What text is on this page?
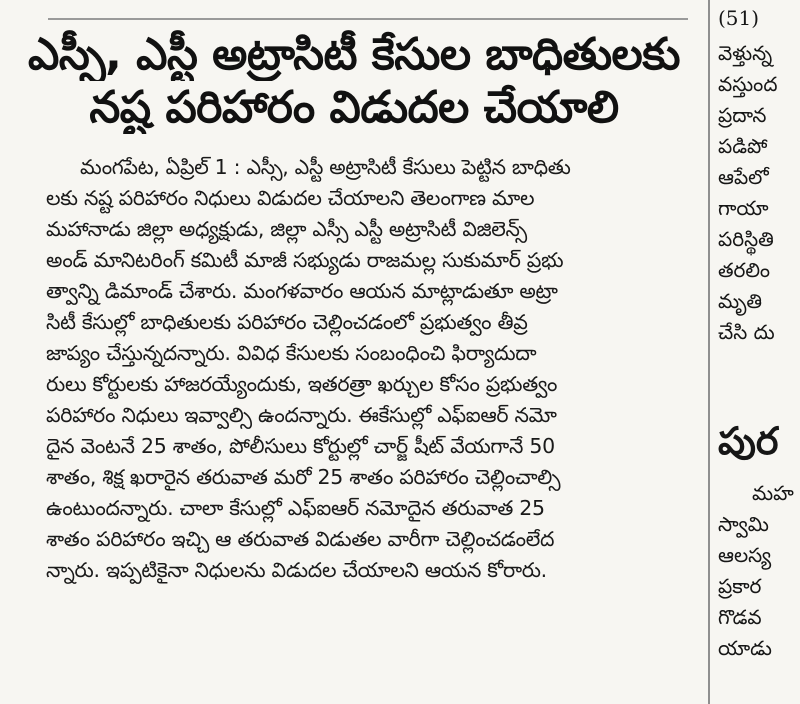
ఎస్సీ, ఎస్టీ అట్రాసిటీ కేసుల బాధితులకు
నష్ట పరిహారం విడుదల చేయాలి
మంగపేట, ఏప్రిల్ 1 : ఎస్సీ, ఎస్టీ అట్రాసిటీ కేసులు పెట్టిన బాధితు
లకు నష్ట పరిహారం నిధులు విడుదల చేయాలని తెలంగాణ మాల
మహానాడు జిల్లా అధ్యక్షుడు, జిల్లా ఎస్సీ ఎస్టీ అట్రాసిటీ విజిలెన్స్
అండ్ మానిటరింగ్ కమిటీ మాజీ సభ్యుడు రాజమల్ల సుకుమార్ ప్రభు
త్వాన్ని డిమాండ్ చేశారు. మంగళవారం ఆయన మాట్లాడుతూ అట్రా
సిటీ కేసుల్లో బాధితులకు పరిహారం చెల్లించడంలో ప్రభుత్వం తీవ్ర
జాప్యం చేస్తున్నదన్నారు. వివిధ కేసులకు సంబంధించి ఫిర్యాదుదా
రులు కోర్టులకు హాజరయ్యేందుకు, ఇతరత్రా ఖర్చుల కోసం ప్రభుత్వం
పరిహారం నిధులు ఇవ్వాల్సి ఉందన్నారు. ఈకేసుల్లో ఎఫ్ఐఆర్ నమో
దైన వెంటనే 25 శాతం, పోలీసులు కోర్టుల్లో చార్జ్ షీట్ వేయగానే 50
శాతం, శిక్ష ఖరారైన తరువాత మరో 25 శాతం పరిహారం చెల్లించాల్సి
ఉంటుందన్నారు. చాలా కేసుల్లో ఎఫ్ఐఆర్ నమోదైన తరువాత 25
శాతం పరిహారం ఇచ్చి ఆ తరువాత విడుతల వారీగా చెల్లించడంలేద
న్నారు. ఇప్పటికైనా నిధులను విడుదల చేయాలని ఆయన కోరారు.
(51)
వెళ్తున్న
వస్తుంద
ప్రదాన
పడిపో
ఆపేలో
గాయా
పరిస్థితి
తరలిం
మృతి
చేసి దు
పుర
మహ
స్వామి
ఆలస్య
ప్రకార
గొడవ
యాడు
